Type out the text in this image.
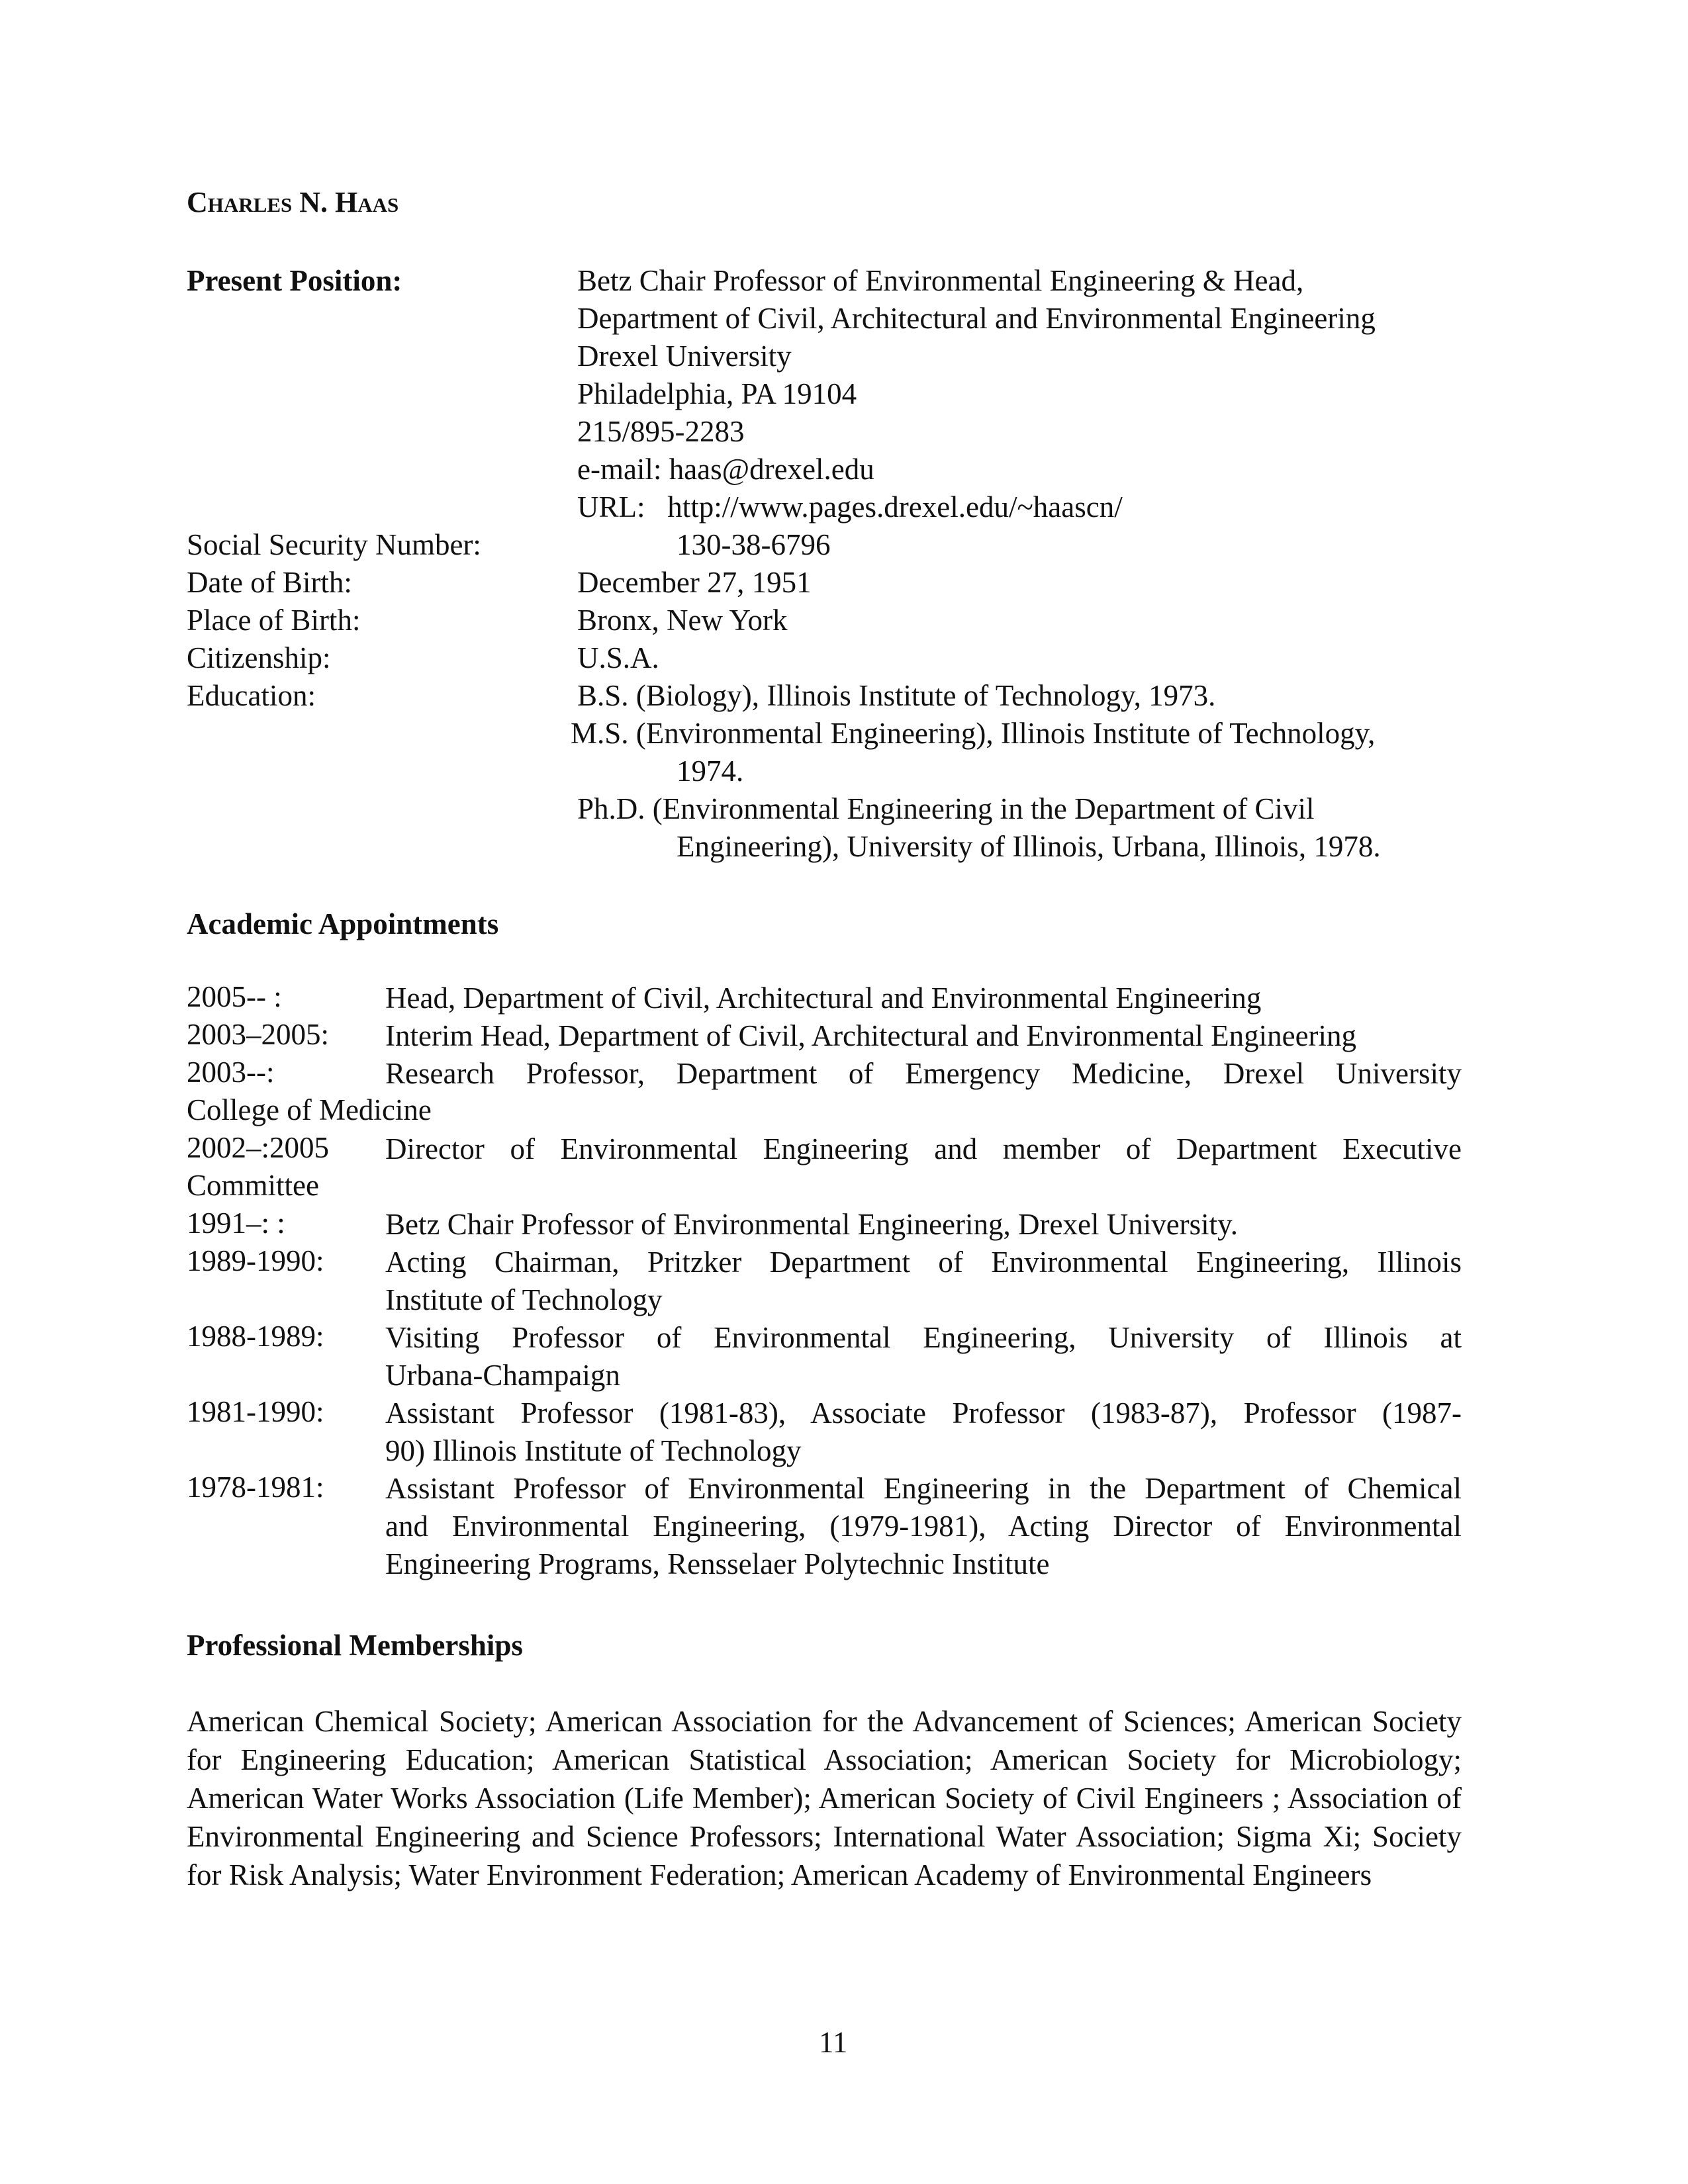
Charles N. Haas
Present Position:	Betz Chair Professor of Environmental Engineering & Head,
Department of Civil, Architectural and Environmental Engineering
Drexel University
Philadelphia, PA 19104
215/895-2283
e-mail: haas@drexel.edu
URL:   http://www.pages.drexel.edu/~haascn/
Social Security Number:	130-38-6796
Date of Birth:	December 27, 1951
Place of Birth:	Bronx, New York
Citizenship:	U.S.A.
Education:	B.S. (Biology), Illinois Institute of Technology, 1973.
M.S. (Environmental Engineering), Illinois Institute of Technology,
1974.
Ph.D. (Environmental Engineering in the Department of Civil
Engineering), University of Illinois, Urbana, Illinois, 1978.
Academic Appointments
2005-- :	Head, Department of Civil, Architectural and Environmental Engineering
2003–2005: Interim Head, Department of Civil, Architectural and Environmental Engineering
2003--:	Research Professor, Department of Emergency Medicine, Drexel University
College of Medicine
2002–:2005 Director of Environmental Engineering and member of Department Executive
Committee
1991–: :	Betz Chair Professor of Environmental Engineering, Drexel University.
1989-1990: Acting Chairman, Pritzker Department of Environmental Engineering, Illinois
Institute of Technology
1988-1989: Visiting Professor of Environmental Engineering, University of Illinois at
Urbana-Champaign
1981-1990: Assistant Professor (1981-83), Associate Professor (1983-87), Professor (1987-
90) Illinois Institute of Technology
1978-1981: Assistant Professor of Environmental Engineering in the Department of Chemical
and Environmental Engineering, (1979-1981), Acting Director of Environmental
Engineering Programs, Rensselaer Polytechnic Institute
Professional Memberships
American Chemical Society; American Association for the Advancement of Sciences; American Society for Engineering Education; American Statistical Association; American Society for Microbiology; American Water Works Association (Life Member); American Society of Civil Engineers ; Association of Environmental Engineering and Science Professors; International Water Association; Sigma Xi; Society for Risk Analysis; Water Environment Federation; American Academy of Environmental Engineers
11
